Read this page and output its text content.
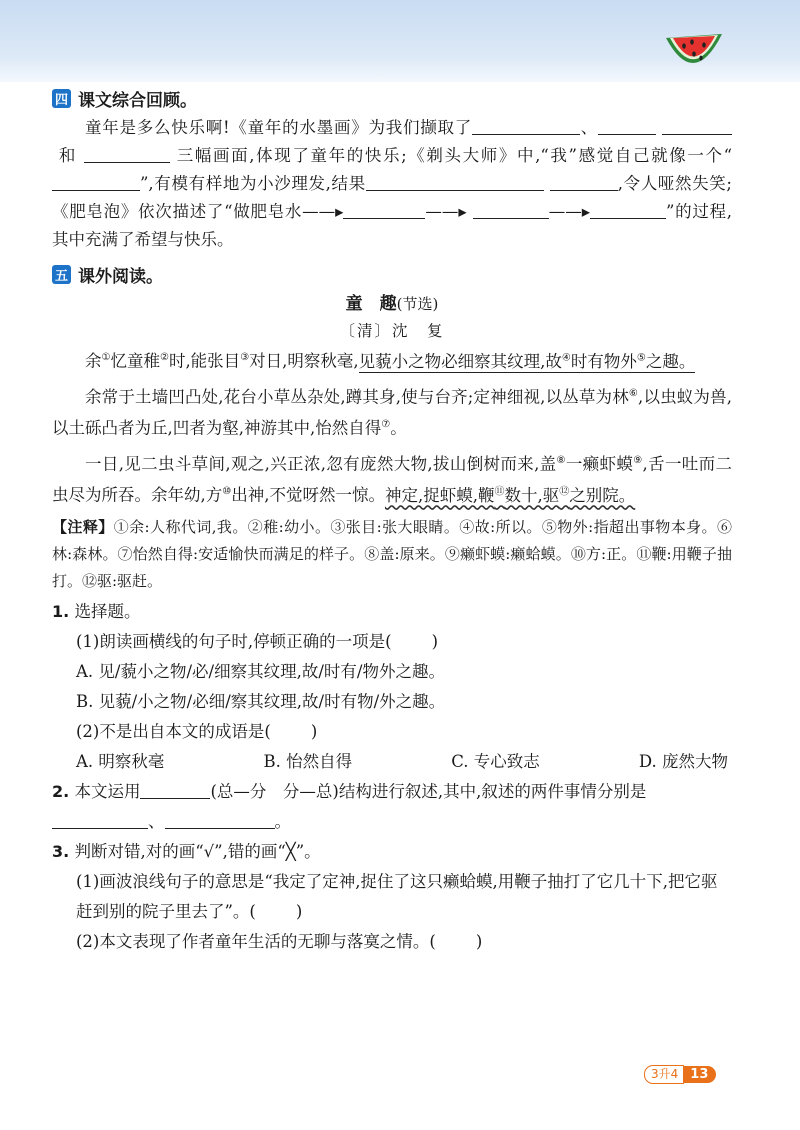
四 课文综合回顾。

童年是多么快乐啊!《童年的水墨画》为我们撷取了	、  和	三幅画面,体现了童年的快乐;《剃头大师》中,“我”感觉自己就像一个“”,有模有样地为小沙理发,结果	,令人哑然失笑;《肥皂泡》依次描述了“做肥皂水——▸	——▸	——▸	”的过程,其中充满了希望与快乐。

五 课外阅读。
童　趣(节选)
〔清〕沈　复

余①忆童稚②时,能张目③对日,明察秋毫,见藐小之物必细察其纹理,故④时有物外⑤之趣。

余常于土墙凹凸处,花台小草丛杂处,蹲其身,使与台齐;定神细视,以丛草为林⑥,以虫蚁为兽,以土砾凸者为丘,凹者为壑,神游其中,怡然自得⑦。

一日,见二虫斗草间,观之,兴正浓,忽有庞然大物,拔山倒树而来,盖⑧一癞虾蟆⑨,舌一吐而二虫尽为所吞。余年幼,方⑩出神,不觉呀然一惊。神定,捉虾蟆,鞭⑪数十,驱⑫之别院。

【注释】①余:人称代词,我。②稚:幼小。③张目:张大眼睛。④故:所以。⑤物外:指超出事物本身。⑥林:森林。⑦怡然自得:安适愉快而满足的样子。⑧盖:原来。⑨癞虾蟆:癞蛤蟆。⑩方:正。⑪鞭:用鞭子抽打。⑫驱:驱赶。

1. 选择题。

(1)朗读画横线的句子时,停顿正确的一项是( )

A. 见/藐小之物/必/细察其纹理,故/时有/物外之趣。

B. 见藐/小之物/必细/察其纹理,故/时有物/外之趣。

(2)不是出自本文的成语是( )

A. 明察秋毫	B. 怡然自得	C. 专心致志	D. 庞然大物

2. 本文运用	(总—分　分—总)结构进行叙述,其中,叙述的两件事情分别是、	。

3. 判断对错,对的画“√”,错的画“╳”。

(1)画波浪线句子的意思是“我定了定神,捉住了这只癞蛤蟆,用鞭子抽打了它几十下,把它驱赶到别的院子里去了”。( )

(2)本文表现了作者童年生活的无聊与落寞之情。( )

3升4 13
